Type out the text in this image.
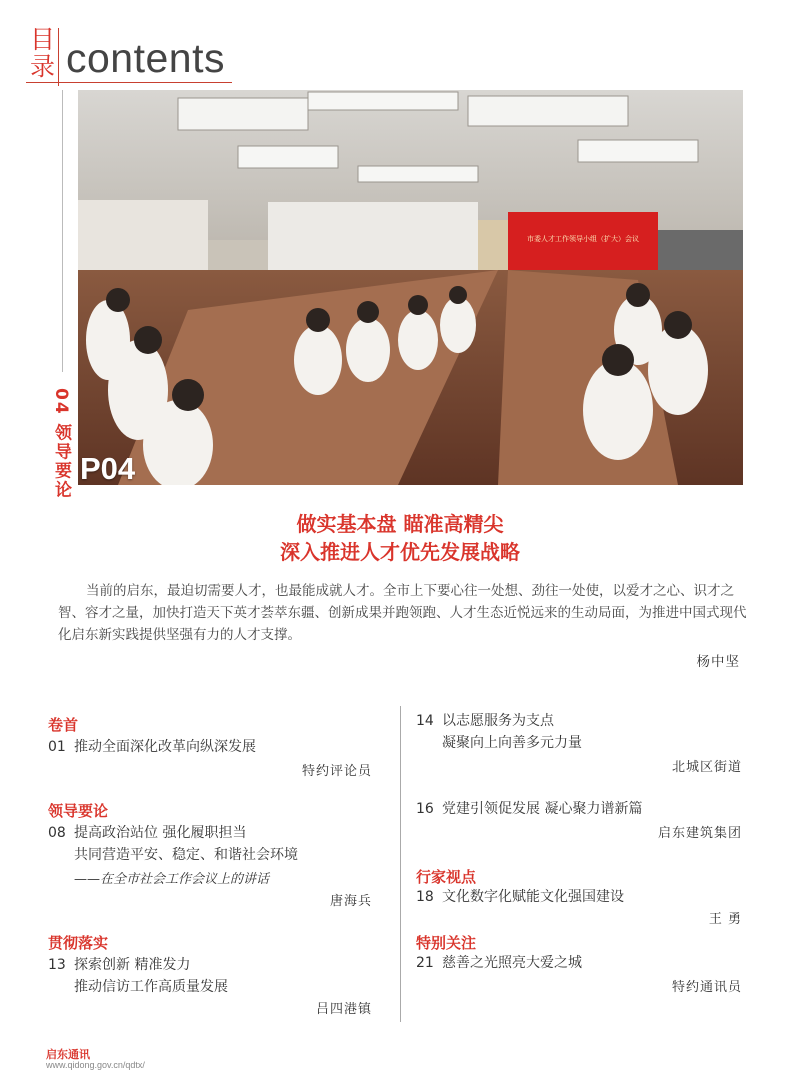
目录 contents
04 领导要论
市委人才工作领导小组（扩大）会议
P04
做实基本盘 瞄准高精尖
深入推进人才优先发展战略

当前的启东，最迫切需要人才，也最能成就人才。全市上下要心往一处想、劲往一处使，以爱才之心、识才之智、容才之量，加快打造天下英才荟萃东疆、创新成果并跑领跑、人才生态近悦远来的生动局面，为推进中国式现代化启东新实践提供坚强有力的人才支撑。

杨中坚
卷首
01 推动全面深化改革向纵深发展
特约评论员
领导要论
08 提高政治站位 强化履职担当
共同营造平安、稳定、和谐社会环境
——在全市社会工作会议上的讲话
唐海兵
贯彻落实
13 探索创新 精准发力
推动信访工作高质量发展
吕四港镇
14 以志愿服务为支点
凝聚向上向善多元力量
北城区街道
16 党建引领促发展 凝心聚力谱新篇
启东建筑集团
行家视点
18 文化数字化赋能文化强国建设
王 勇
特别关注
21 慈善之光照亮大爱之城
特约通讯员
启东通讯
www.qidong.gov.cn/qdtx/
